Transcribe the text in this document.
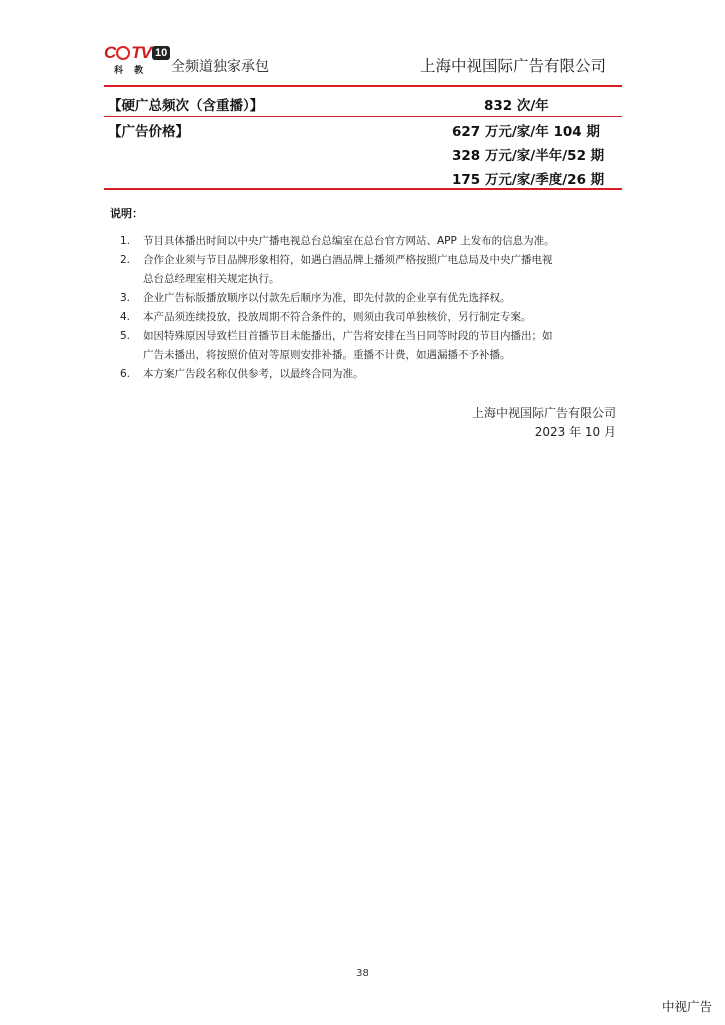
C TV 10
科 教 全频道独家承包	上海中视国际广告有限公司
【硬广总频次（含重播）】	832 次/年
【广告价格】	627 万元/家/年 104 期
328 万元/家/半年/52 期
175 万元/家/季度/26 期
说明：
1. 节目具体播出时间以中央广播电视总台总编室在总台官方网站、APP 上发布的信息为准。
2. 合作企业须与节目品牌形象相符，如遇白酒品牌上播须严格按照广电总局及中央广播电视
总台总经理室相关规定执行。
3. 企业广告标版播放顺序以付款先后顺序为准，即先付款的企业享有优先选择权。
4. 本产品须连续投放，投放周期不符合条件的，则须由我司单独核价，另行制定专案。
5. 如因特殊原因导致栏目首播节目未能播出，广告将安排在当日同等时段的节目内播出；如
广告未播出，将按照价值对等原则安排补播。重播不计费，如遇漏播不予补播。
6. 本方案广告段名称仅供参考，以最终合同为准。
上海中视国际广告有限公司
2023 年 10 月
38
中视广告
